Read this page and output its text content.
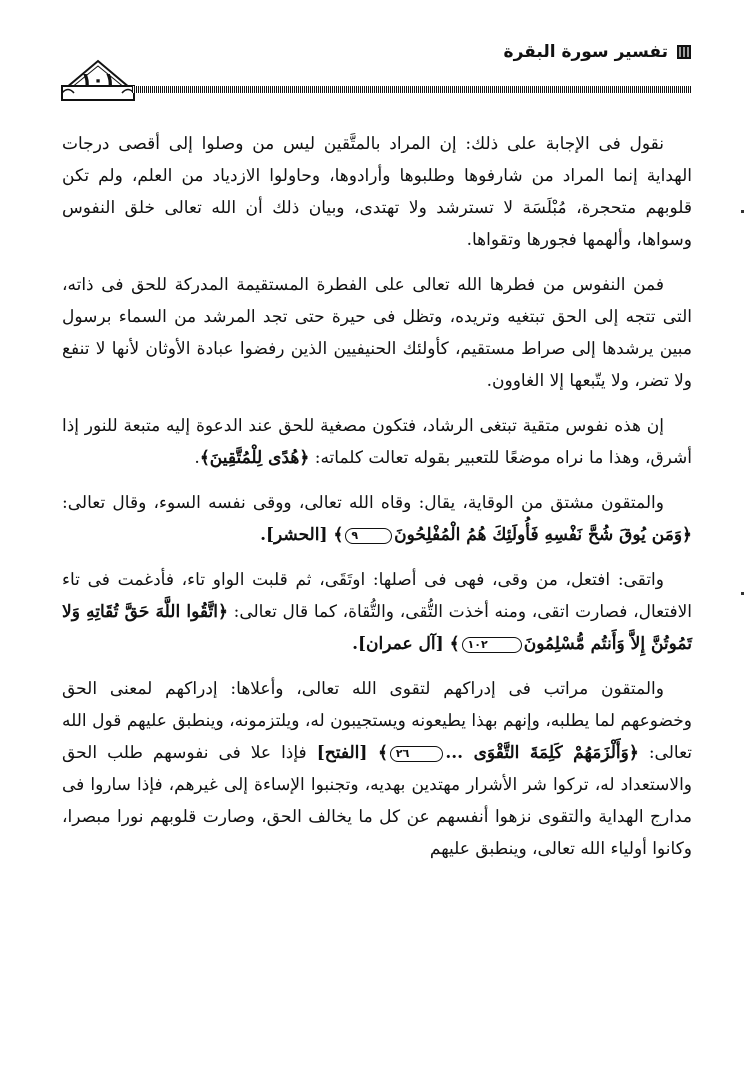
١٠١
تفسير سورة البقرة

نقول فى الإجابة على ذلك: إن المراد بالمتَّقين ليس من وصلوا إلى أقصى درجات الهداية إنما المراد من شارفوها وطلبوها وأرادوها، وحاولوا الازدياد من العلم، ولم تكن قلوبهم متحجرة، مُبْلَسَة لا تسترشد ولا تهتدى، وبيان ذلك أن الله تعالى خلق النفوس وسواها، وألهمها فجورها وتقواها.

فمن النفوس من فطرها الله تعالى على الفطرة المستقيمة المدركة للحق فى ذاته، التى تتجه إلى الحق تبتغيه وتريده، وتظل فى حيرة حتى تجد المرشد من السماء برسول مبين يرشدها إلى صراط مستقيم، كأولئك الحنيفيين الذين رفضوا عبادة الأوثان لأنها لا تنفع ولا تضر، ولا يتّبعها إلا الغاوون.

إن هذه نفوس متقية تبتغى الرشاد، فتكون مصغية للحق عند الدعوة إليه متبعة للنور إذا أشرق، وهذا ما نراه موضعًا للتعبير بقوله تعالت كلماته: ﴿هُدًى لِلْمُتَّقِينَ﴾.

والمتقون مشتق من الوقاية، يقال: وقاه الله تعالى، ووقى نفسه السوء، وقال تعالى: ﴿وَمَن يُوقَ شُحَّ نَفْسِهِ فَأُولَئِكَ هُمُ الْمُفْلِحُونَ٩﴾ [الحشر].

واتقى: افتعل، من وقى، فهى فى أصلها: اوتَقَى، ثم قلبت الواو تاء، فأدغمت فى تاء الافتعال، فصارت اتقى، ومنه أخذت التُّقى، والتُّقاة، كما قال تعالى: ﴿اتَّقُوا اللَّهَ حَقَّ تُقَاتِهِ وَلا تَمُوتُنَّ إِلاَّ وَأَنتُم مُّسْلِمُونَ١٠٢﴾ [آل عمران].

والمتقون مراتب فى إدراكهم لتقوى الله تعالى، وأعلاها: إدراكهم لمعنى الحق وخضوعهم لما يطلبه، وإنهم بهذا يطيعونه ويستجيبون له، ويلتزمونه، وينطبق عليهم قول الله تعالى: ﴿وَأَلْزَمَهُمْ كَلِمَةَ التَّقْوَى ...٢٦﴾ [الفتح] فإذا علا فى نفوسهم طلب الحق والاستعداد له، تركوا شر الأشرار مهتدين بهديه، وتجنبوا الإساءة إلى غيرهم، فإذا ساروا فى مدارج الهداية والتقوى نزهوا أنفسهم عن كل ما يخالف الحق، وصارت قلوبهم نورا مبصرا، وكانوا أولياء الله تعالى، وينطبق عليهم
